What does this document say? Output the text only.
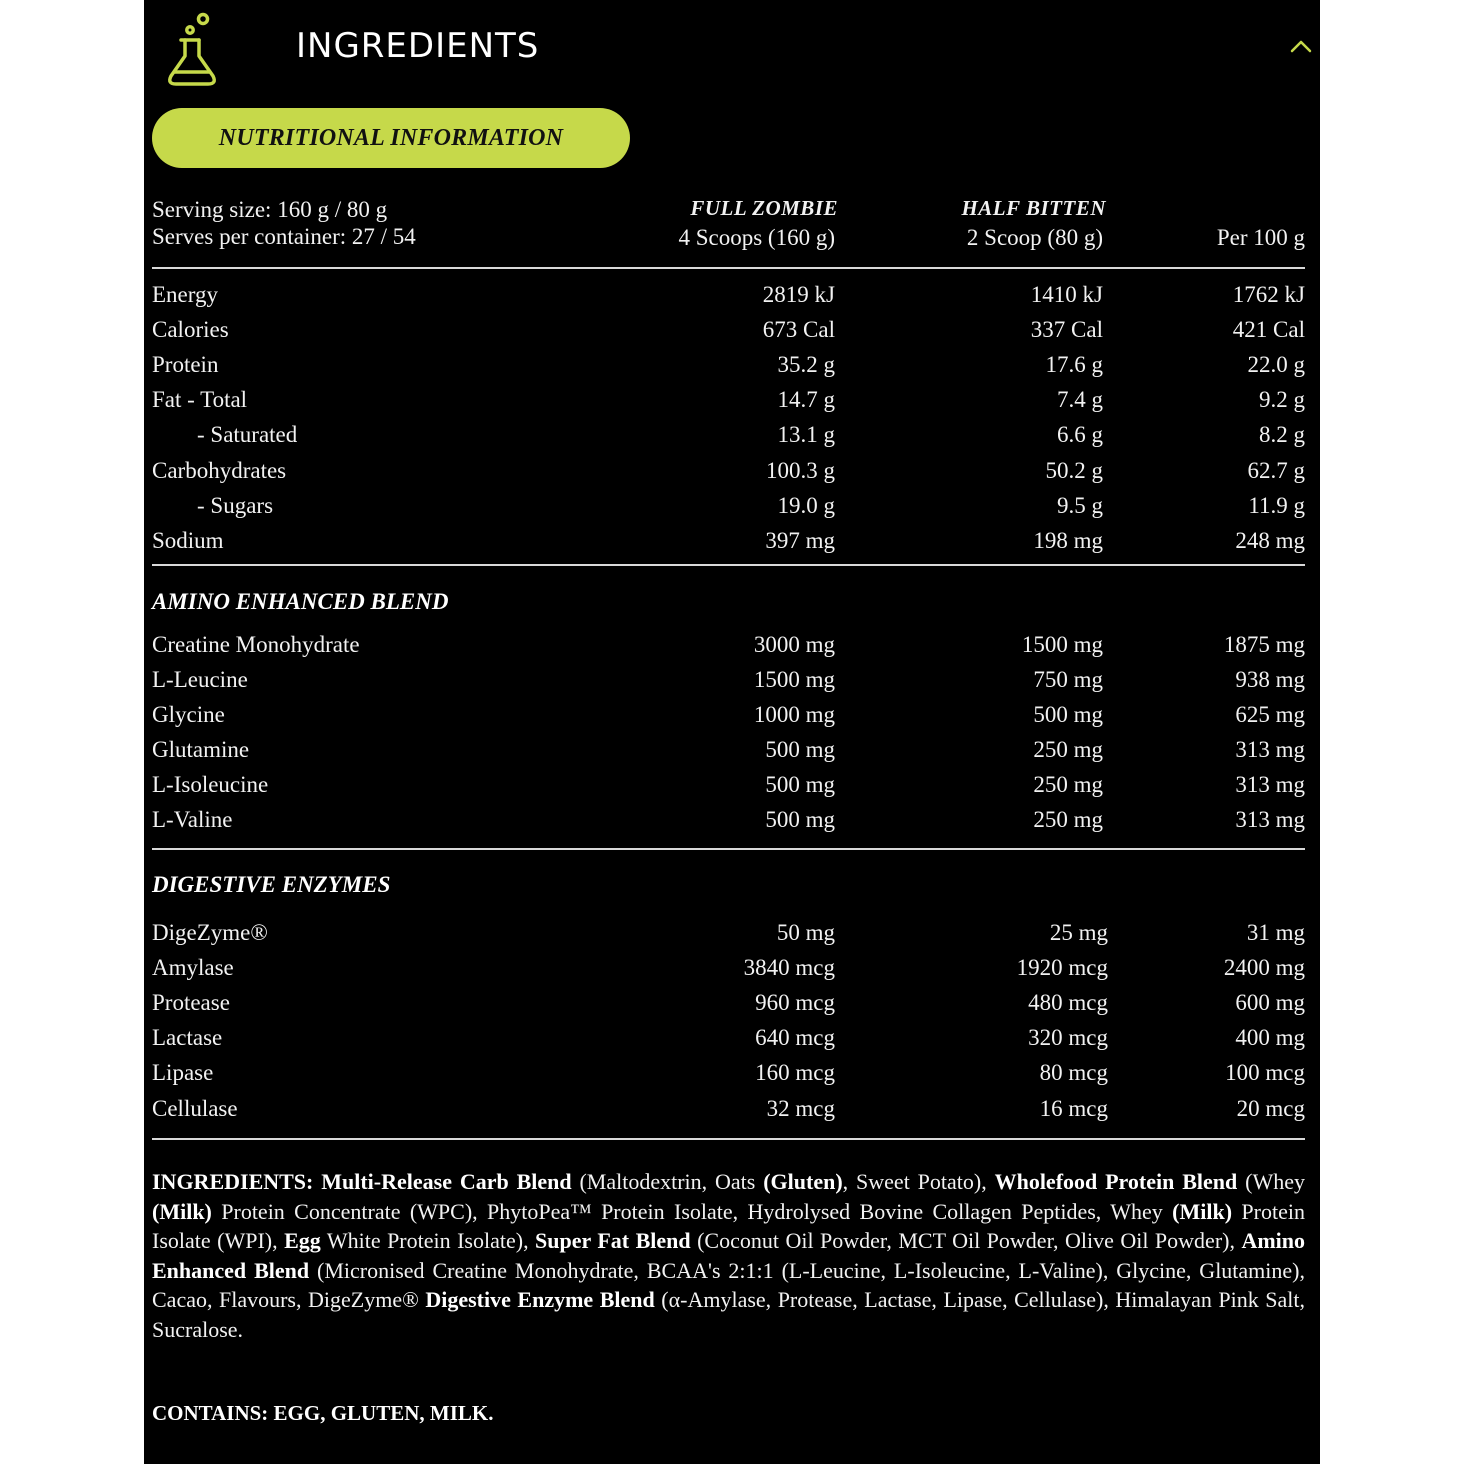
INGREDIENTS
NUTRITIONAL INFORMATION
Serving size: 160 g / 80 g
Serves per container: 27 / 54
FULL ZOMBIE
4 Scoops (160 g)
HALF BITTEN
2 Scoop (80 g)	Per 100 g
Energy	2819 kJ	1410 kJ	1762 kJ
Calories	673 Cal	337 Cal	421 Cal
Protein	35.2 g	17.6 g	22.0 g
Fat - Total	14.7 g	7.4 g	9.2 g
- Saturated	13.1 g	6.6 g	8.2 g
Carbohydrates	100.3 g	50.2 g	62.7 g
- Sugars	19.0 g	9.5 g	11.9 g
Sodium	397 mg	198 mg	248 mg
AMINO ENHANCED BLEND
Creatine Monohydrate	3000 mg	1500 mg	1875 mg
L-Leucine	1500 mg	750 mg	938 mg
Glycine	1000 mg	500 mg	625 mg
Glutamine	500 mg	250 mg	313 mg
L-Isoleucine	500 mg	250 mg	313 mg
L-Valine	500 mg	250 mg	313 mg
DIGESTIVE ENZYMES
DigeZyme®	50 mg	25 mg	31 mg
Amylase	3840 mcg	1920 mcg	2400 mg
Protease	960 mcg	480 mcg	600 mg
Lactase	640 mcg	320 mcg	400 mg
Lipase	160 mcg	80 mcg	100 mcg
Cellulase	32 mcg	16 mcg	20 mcg
INGREDIENTS: Multi-Release Carb Blend (Maltodextrin, Oats (Gluten), Sweet Potato), Wholefood Protein Blend (Whey (Milk) Protein Concentrate (WPC), PhytoPea™ Protein Isolate, Hydrolysed Bovine Collagen Peptides, Whey (Milk) Protein Isolate (WPI), Egg White Protein Isolate), Super Fat Blend (Coconut Oil Powder, MCT Oil Powder, Olive Oil Powder), Amino Enhanced Blend (Micronised Creatine Monohydrate, BCAA's 2:1:1 (L-Leucine, L-Isoleucine, L-Valine), Glycine, Glutamine), Cacao, Flavours, DigeZyme® Digestive Enzyme Blend (α-Amylase, Protease, Lactase, Lipase, Cellulase), Himalayan Pink Salt, Sucralose.
CONTAINS: EGG, GLUTEN, MILK.
